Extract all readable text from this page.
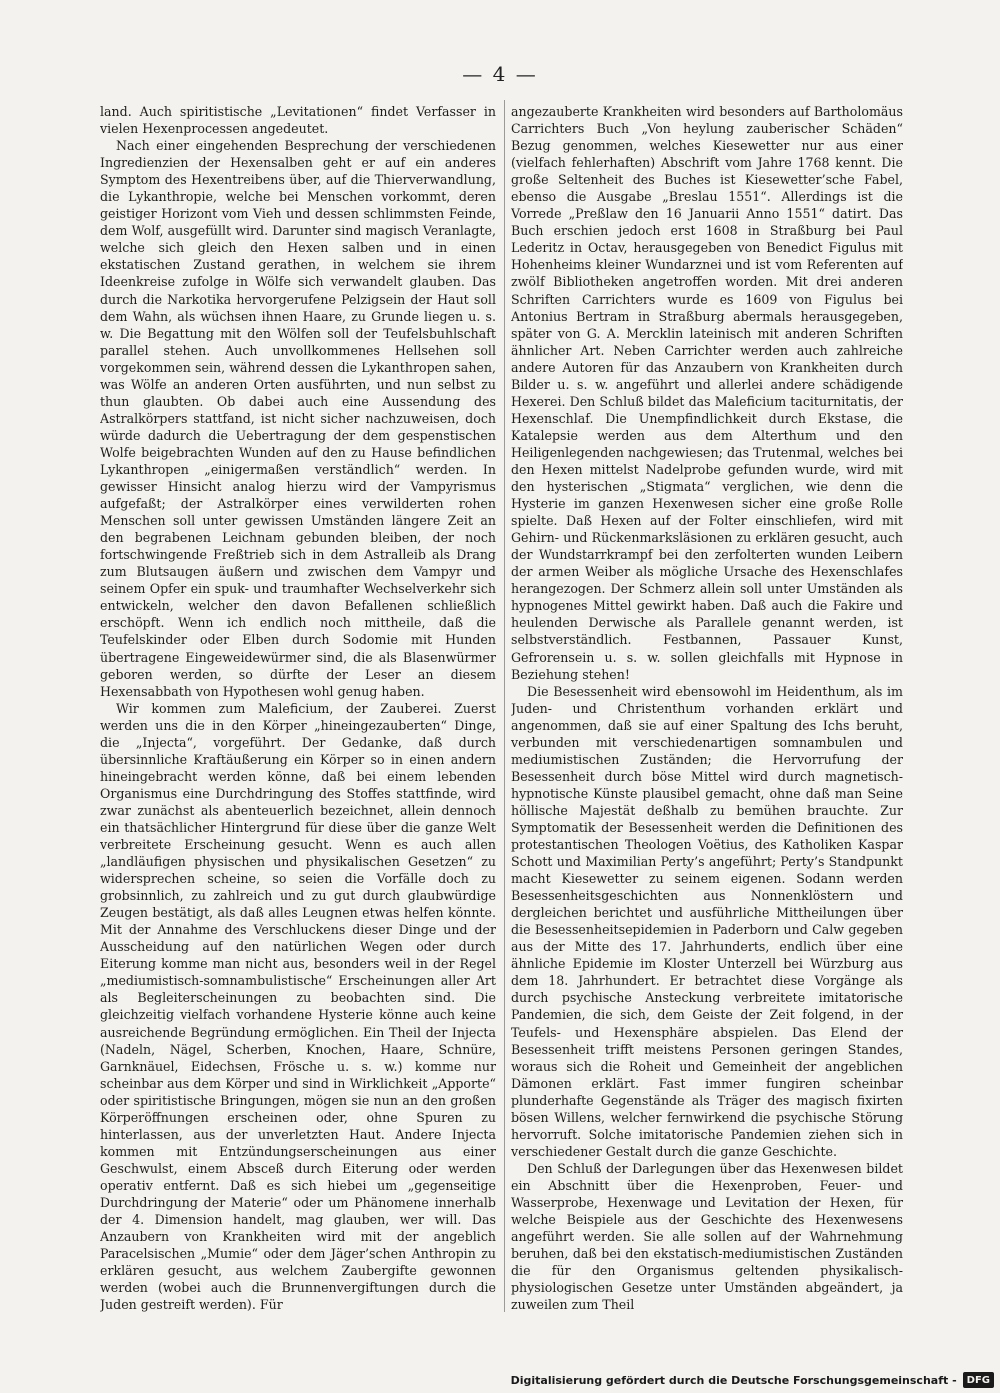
— 4 —

land. Auch spiritistische „Levitationen“ findet Verfasser in vielen Hexenprocessen angedeutet.

Nach einer eingehenden Besprechung der verschiedenen Ingredienzien der Hexensalben geht er auf ein anderes Symptom des Hexentreibens über, auf die Thierverwandlung, die Lykanthropie, welche bei Menschen vorkommt, deren geistiger Horizont vom Vieh und dessen schlimmsten Feinde, dem Wolf, ausgefüllt wird. Darunter sind magisch Veranlagte, welche sich gleich den Hexen salben und in einen ekstatischen Zustand gerathen, in welchem sie ihrem Ideenkreise zufolge in Wölfe sich verwandelt glauben. Das durch die Narkotika hervorgerufene Pelzigsein der Haut soll dem Wahn, als wüchsen ihnen Haare, zu Grunde liegen u. s. w. Die Begattung mit den Wölfen soll der Teufelsbuhlschaft parallel stehen. Auch unvollkommenes Hellsehen soll vorgekommen sein, während dessen die Lykanthropen sahen, was Wölfe an anderen Orten ausführten, und nun selbst zu thun glaubten. Ob dabei auch eine Aussendung des Astralkörpers stattfand, ist nicht sicher nachzuweisen, doch würde dadurch die Uebertragung der dem gespenstischen Wolfe beigebrachten Wunden auf den zu Hause befindlichen Lykanthropen „einigermaßen verständlich“ werden. In gewisser Hinsicht analog hierzu wird der Vampyrismus aufgefaßt; der Astralkörper eines verwilderten rohen Menschen soll unter gewissen Umständen längere Zeit an den begrabenen Leichnam gebunden bleiben, der noch fortschwingende Freßtrieb sich in dem Astralleib als Drang zum Blutsaugen äußern und zwischen dem Vampyr und seinem Opfer ein spuk- und traumhafter Wechselverkehr sich entwickeln, welcher den davon Befallenen schließlich erschöpft. Wenn ich endlich noch mittheile, daß die Teufelskinder oder Elben durch Sodomie mit Hunden übertragene Eingeweidewürmer sind, die als Blasenwürmer geboren werden, so dürfte der Leser an diesem Hexensabbath von Hypothesen wohl genug haben.

Wir kommen zum Maleficium, der Zauberei. Zuerst werden uns die in den Körper „hineingezauberten“ Dinge, die „Injecta“, vorgeführt. Der Gedanke, daß durch übersinnliche Kraftäußerung ein Körper so in einen andern hineingebracht werden könne, daß bei einem lebenden Organismus eine Durchdringung des Stoffes stattfinde, wird zwar zunächst als abenteuerlich bezeichnet, allein dennoch ein thatsächlicher Hintergrund für diese über die ganze Welt verbreitete Erscheinung gesucht. Wenn es auch allen „landläufigen physischen und physikalischen Gesetzen“ zu widersprechen scheine, so seien die Vorfälle doch zu grobsinnlich, zu zahlreich und zu gut durch glaubwürdige Zeugen bestätigt, als daß alles Leugnen etwas helfen könnte. Mit der Annahme des Verschluckens dieser Dinge und der Ausscheidung auf den natürlichen Wegen oder durch Eiterung komme man nicht aus, besonders weil in der Regel „mediumistisch-somnambulistische“ Erscheinungen aller Art als Begleiterscheinungen zu beobachten sind. Die gleichzeitig vielfach vorhandene Hysterie könne auch keine ausreichende Begründung ermöglichen. Ein Theil der Injecta (Nadeln, Nägel, Scherben, Knochen, Haare, Schnüre, Garnknäuel, Eidechsen, Frösche u. s. w.) komme nur scheinbar aus dem Körper und sind in Wirklichkeit „Apporte“ oder spiritistische Bringungen, mögen sie nun an den großen Körperöffnungen erscheinen oder, ohne Spuren zu hinterlassen, aus der unverletzten Haut. Andere Injecta kommen mit Entzündungserscheinungen aus einer Geschwulst, einem Absceß durch Eiterung oder werden operativ entfernt. Daß es sich hiebei um „gegenseitige Durchdringung der Materie“ oder um Phänomene innerhalb der 4. Dimension handelt, mag glauben, wer will. Das Anzaubern von Krankheiten wird mit der angeblich Paracelsischen „Mumie“ oder dem Jäger’schen Anthropin zu erklären gesucht, aus welchem Zaubergifte gewonnen werden (wobei auch die Brunnenvergiftungen durch die Juden gestreift werden). Für

angezauberte Krankheiten wird besonders auf Bartholomäus Carrichters Buch „Von heylung zauberischer Schäden“ Bezug genommen, welches Kiesewetter nur aus einer (vielfach fehlerhaften) Abschrift vom Jahre 1768 kennt. Die große Seltenheit des Buches ist Kiesewetter’sche Fabel, ebenso die Ausgabe „Breslau 1551“. Allerdings ist die Vorrede „Preßlaw den 16 Januarii Anno 1551“ datirt. Das Buch erschien jedoch erst 1608 in Straßburg bei Paul Lederitz in Octav, herausgegeben von Benedict Figulus mit Hohenheims kleiner Wundarznei und ist vom Referenten auf zwölf Bibliotheken angetroffen worden. Mit drei anderen Schriften Carrichters wurde es 1609 von Figulus bei Antonius Bertram in Straßburg abermals herausgegeben, später von G. A. Mercklin lateinisch mit anderen Schriften ähnlicher Art. Neben Carrichter werden auch zahlreiche andere Autoren für das Anzaubern von Krankheiten durch Bilder u. s. w. angeführt und allerlei andere schädigende Hexerei. Den Schluß bildet das Maleficium taciturnitatis, der Hexenschlaf. Die Unempfindlichkeit durch Ekstase, die Katalepsie werden aus dem Alterthum und den Heiligenlegenden nachgewiesen; das Trutenmal, welches bei den Hexen mittelst Nadelprobe gefunden wurde, wird mit den hysterischen „Stigmata“ verglichen, wie denn die Hysterie im ganzen Hexenwesen sicher eine große Rolle spielte. Daß Hexen auf der Folter einschliefen, wird mit Gehirn- und Rückenmarksläsionen zu erklären gesucht, auch der Wundstarrkrampf bei den zerfolterten wunden Leibern der armen Weiber als mögliche Ursache des Hexenschlafes herangezogen. Der Schmerz allein soll unter Umständen als hypnogenes Mittel gewirkt haben. Daß auch die Fakire und heulenden Derwische als Parallele genannt werden, ist selbstverständlich. Festbannen, Passauer Kunst, Gefrorensein u. s. w. sollen gleichfalls mit Hypnose in Beziehung stehen!

Die Besessenheit wird ebensowohl im Heidenthum, als im Juden- und Christenthum vorhanden erklärt und angenommen, daß sie auf einer Spaltung des Ichs beruht, verbunden mit verschiedenartigen somnambulen und mediumistischen Zuständen; die Hervorrufung der Besessenheit durch böse Mittel wird durch magnetisch-hypnotische Künste plausibel gemacht, ohne daß man Seine höllische Majestät deßhalb zu bemühen brauchte. Zur Symptomatik der Besessenheit werden die Definitionen des protestantischen Theologen Voëtius, des Katholiken Kaspar Schott und Maximilian Perty’s angeführt; Perty’s Standpunkt macht Kiesewetter zu seinem eigenen. Sodann werden Besessenheitsgeschichten aus Nonnenklöstern und dergleichen berichtet und ausführliche Mittheilungen über die Besessenheitsepidemien in Paderborn und Calw gegeben aus der Mitte des 17. Jahrhunderts, endlich über eine ähnliche Epidemie im Kloster Unterzell bei Würzburg aus dem 18. Jahrhundert. Er betrachtet diese Vorgänge als durch psychische Ansteckung verbreitete imitatorische Pandemien, die sich, dem Geiste der Zeit folgend, in der Teufels- und Hexensphäre abspielen. Das Elend der Besessenheit trifft meistens Personen geringen Standes, woraus sich die Roheit und Gemeinheit der angeblichen Dämonen erklärt. Fast immer fungiren scheinbar plunderhafte Gegenstände als Träger des magisch fixirten bösen Willens, welcher fernwirkend die psychische Störung hervorruft. Solche imitatorische Pandemien ziehen sich in verschiedener Gestalt durch die ganze Geschichte.

Den Schluß der Darlegungen über das Hexenwesen bildet ein Abschnitt über die Hexenproben, Feuer- und Wasserprobe, Hexenwage und Levitation der Hexen, für welche Beispiele aus der Geschichte des Hexenwesens angeführt werden. Sie alle sollen auf der Wahrnehmung beruhen, daß bei den ekstatisch-mediumistischen Zuständen die für den Organismus geltenden physikalisch-physiologischen Gesetze unter Umständen abgeändert, ja zuweilen zum Theil

Digitalisierung gefördert durch die Deutsche Forschungsgemeinschaft -	DFG
